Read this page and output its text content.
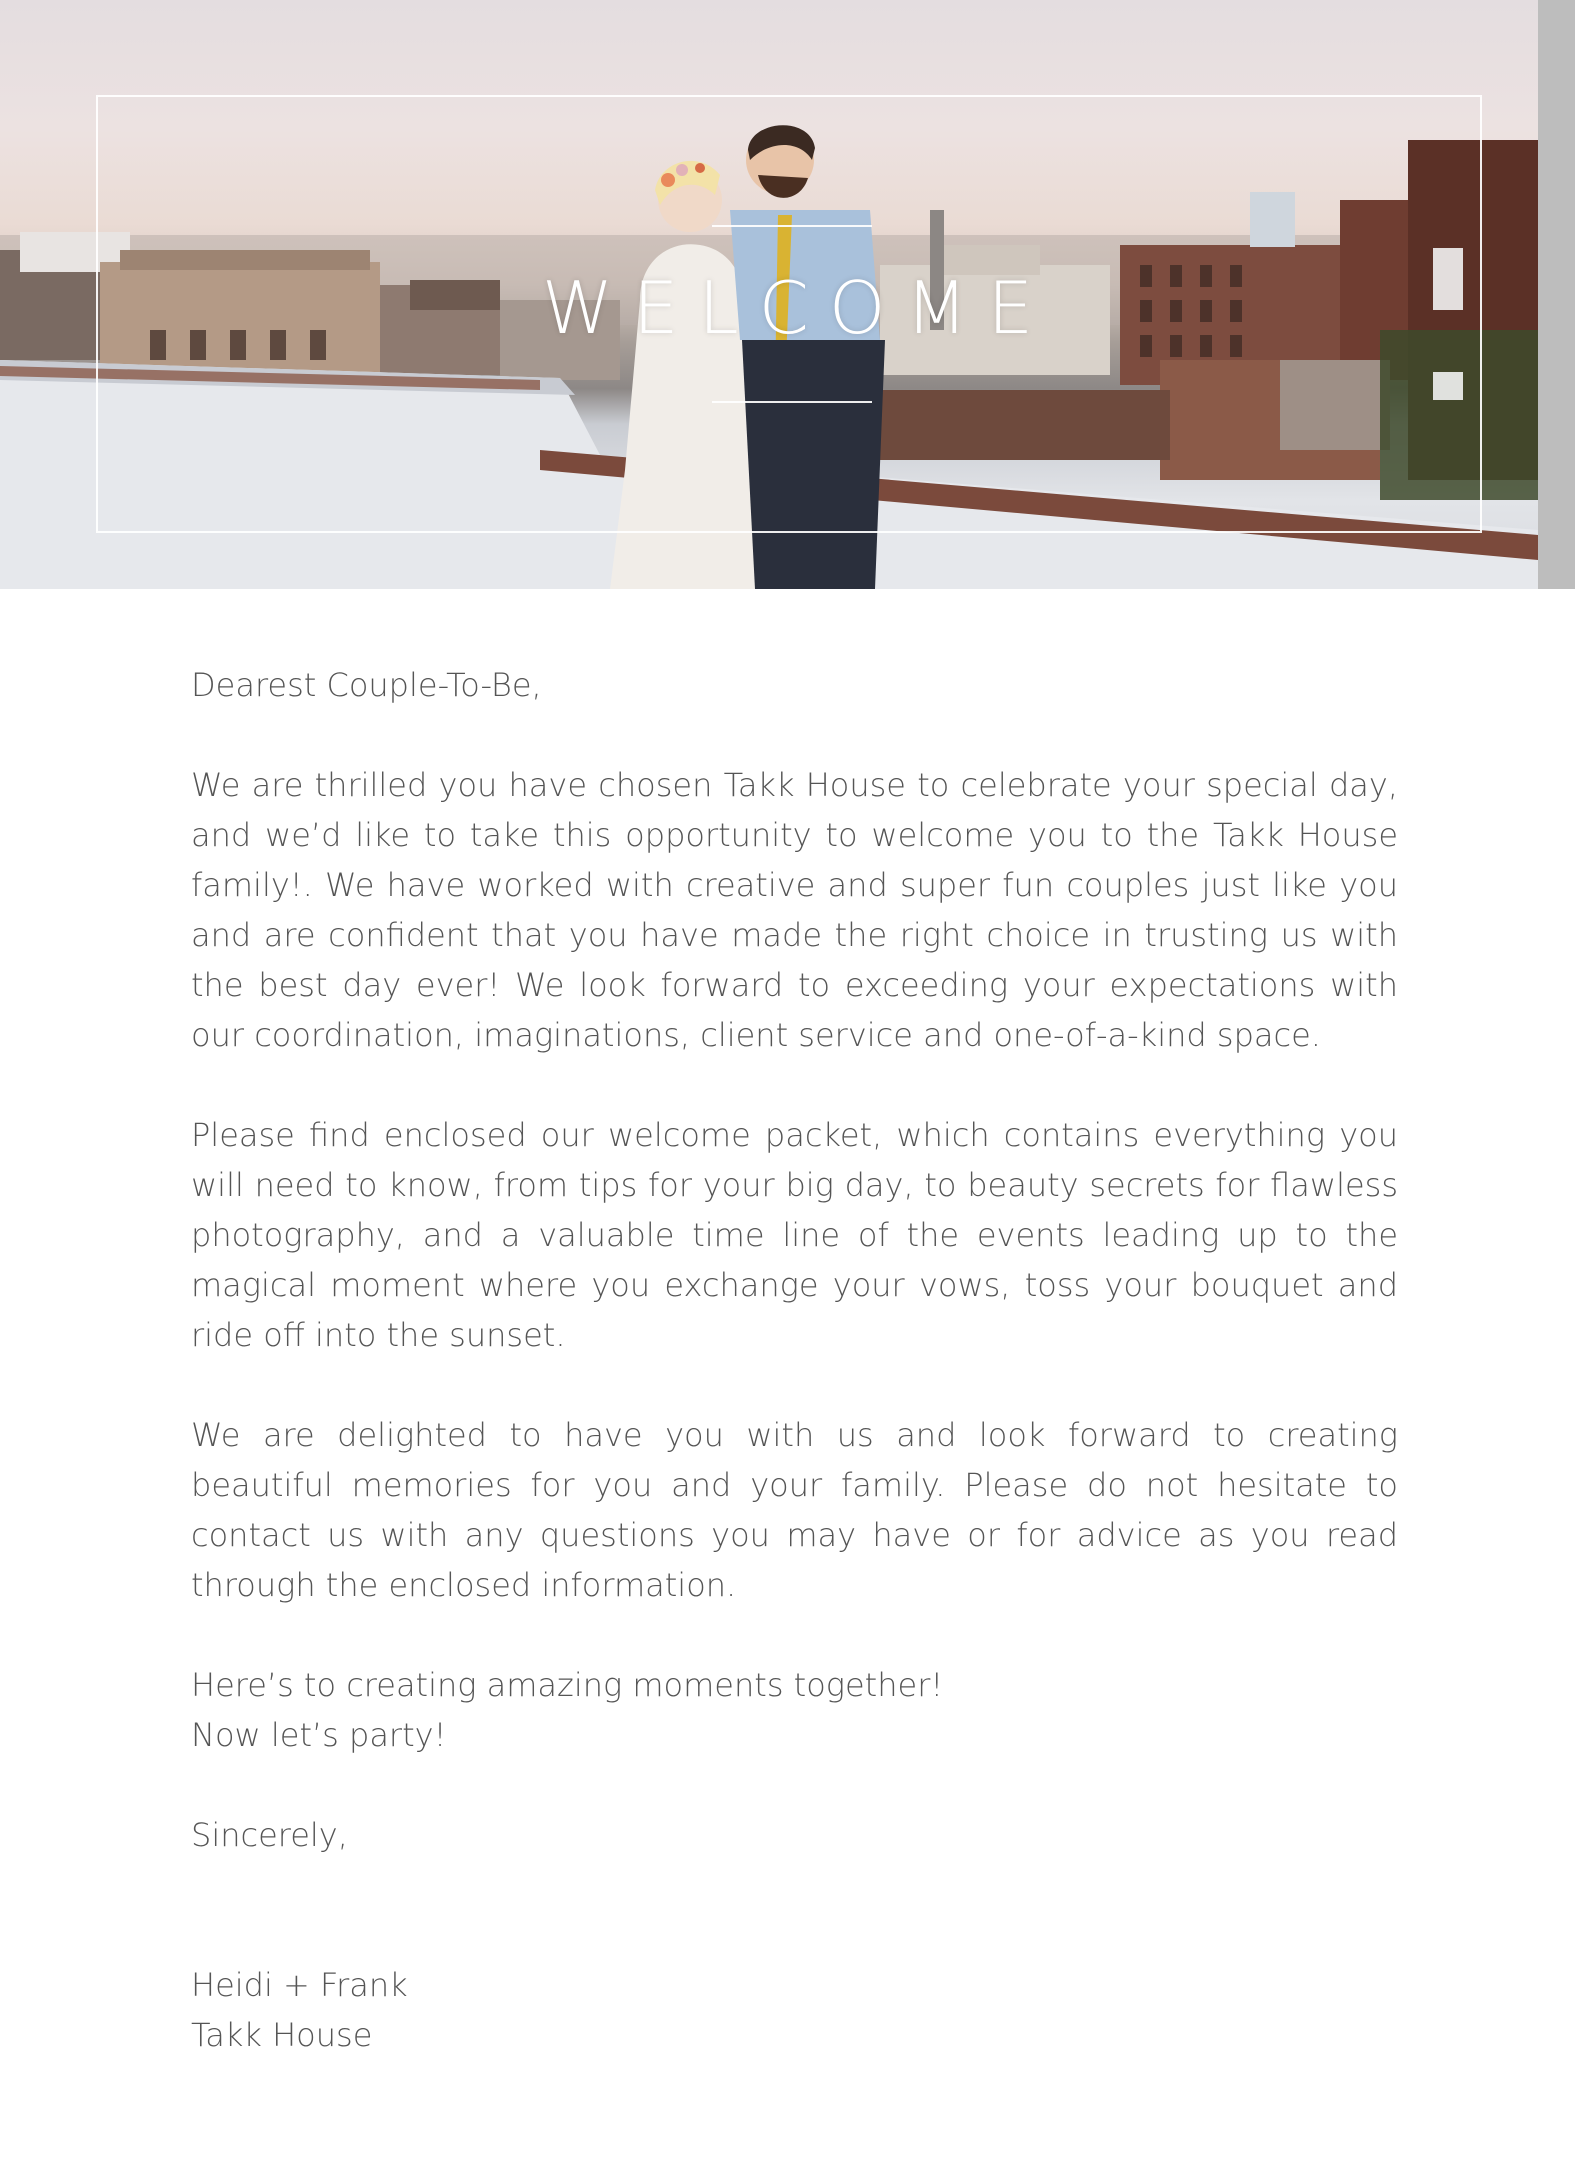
WELCOME

Dearest Couple-To-Be,

We are thrilled you have chosen Takk House to celebrate your special day, and we’d like to take this opportunity to welcome you to the Takk House family!. We have worked with creative and super fun couples just like you and are confident that you have made the right choice in trusting us with the best day ever! We look forward to exceeding your expectations with our coordination, imaginations, client service and one-of-a-kind space.

Please find enclosed our welcome packet, which contains everything you will need to know, from tips for your big day, to beauty secrets for flawless photography, and a valuable time line of the events leading up to the magical moment where you exchange your vows, toss your bouquet and ride off into the sunset.

We are delighted to have you with us and look forward to creating beautiful memories for you and your family. Please do not hesitate to contact us with any questions you may have or for advice as you read through the enclosed information.

Here’s to creating amazing moments together!

Now let’s party!

Sincerely,

Heidi + Frank

Takk House
